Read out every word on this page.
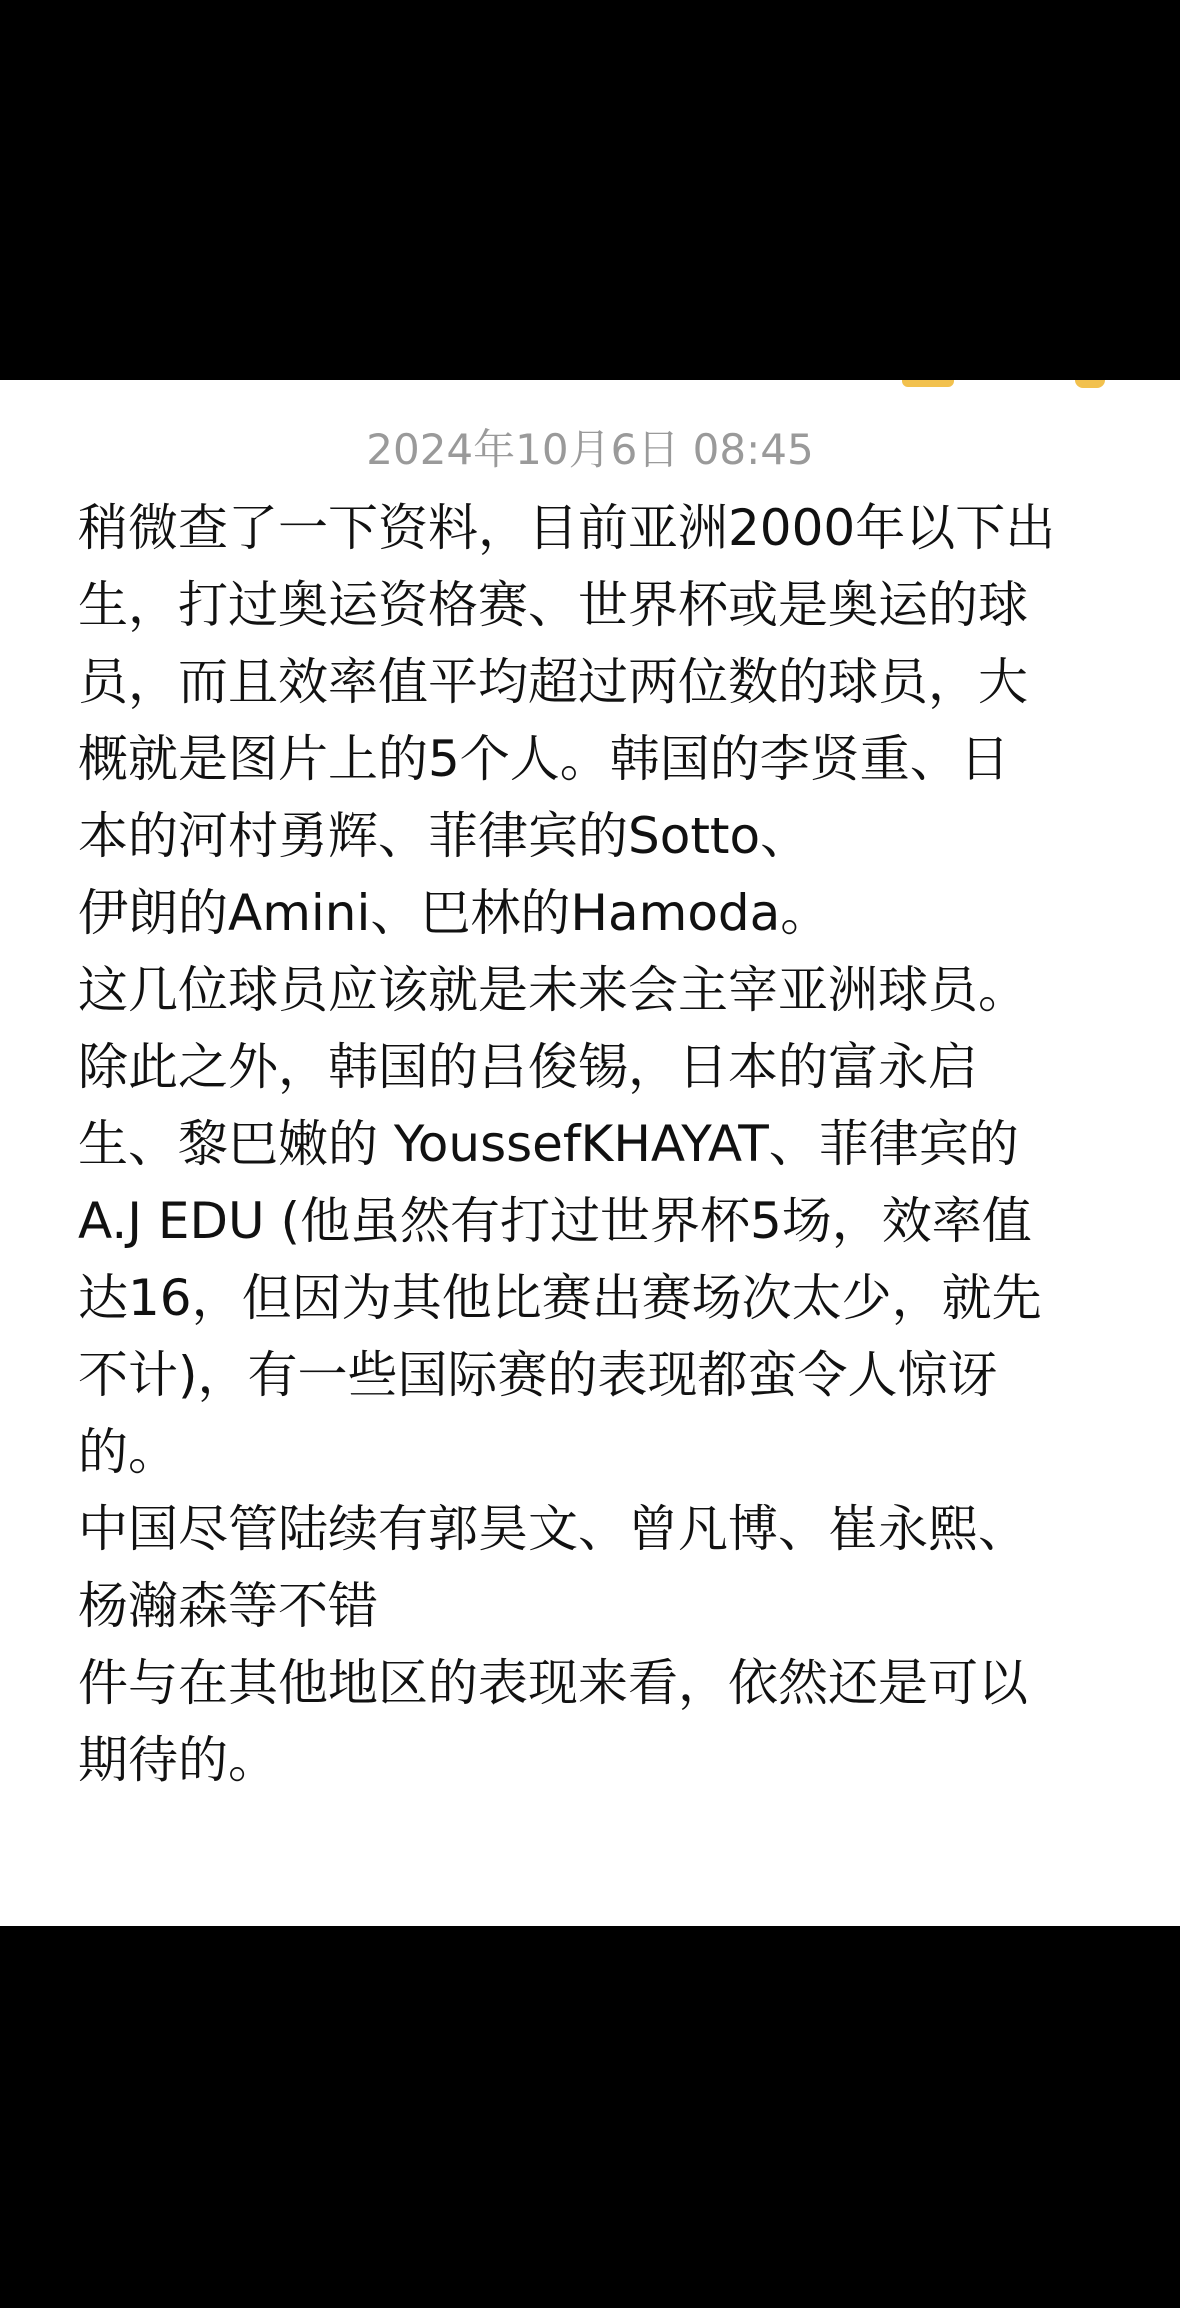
2024年10月6日 08:45
稍微查了一下资料，目前亚洲2000年以下出
生，打过奥运资格赛、世界杯或是奥运的球
员，而且效率值平均超过两位数的球员，大
概就是图片上的5个人。韩国的李贤重、日
本的河村勇辉、菲律宾的Sotto、
伊朗的Amini、巴林的Hamoda。
这几位球员应该就是未来会主宰亚洲球员。
除此之外，韩国的吕俊锡，日本的富永启
生、黎巴嫩的 YoussefKHAYAT、菲律宾的
A.J EDU (他虽然有打过世界杯5场，效率值
达16，但因为其他比赛出赛场次太少，就先
不计)，有一些国际赛的表现都蛮令人惊讶
的。
中国尽管陆续有郭昊文、曾凡博、崔永熙、
杨瀚森等不错
件与在其他地区的表现来看，依然还是可以
期待的。
